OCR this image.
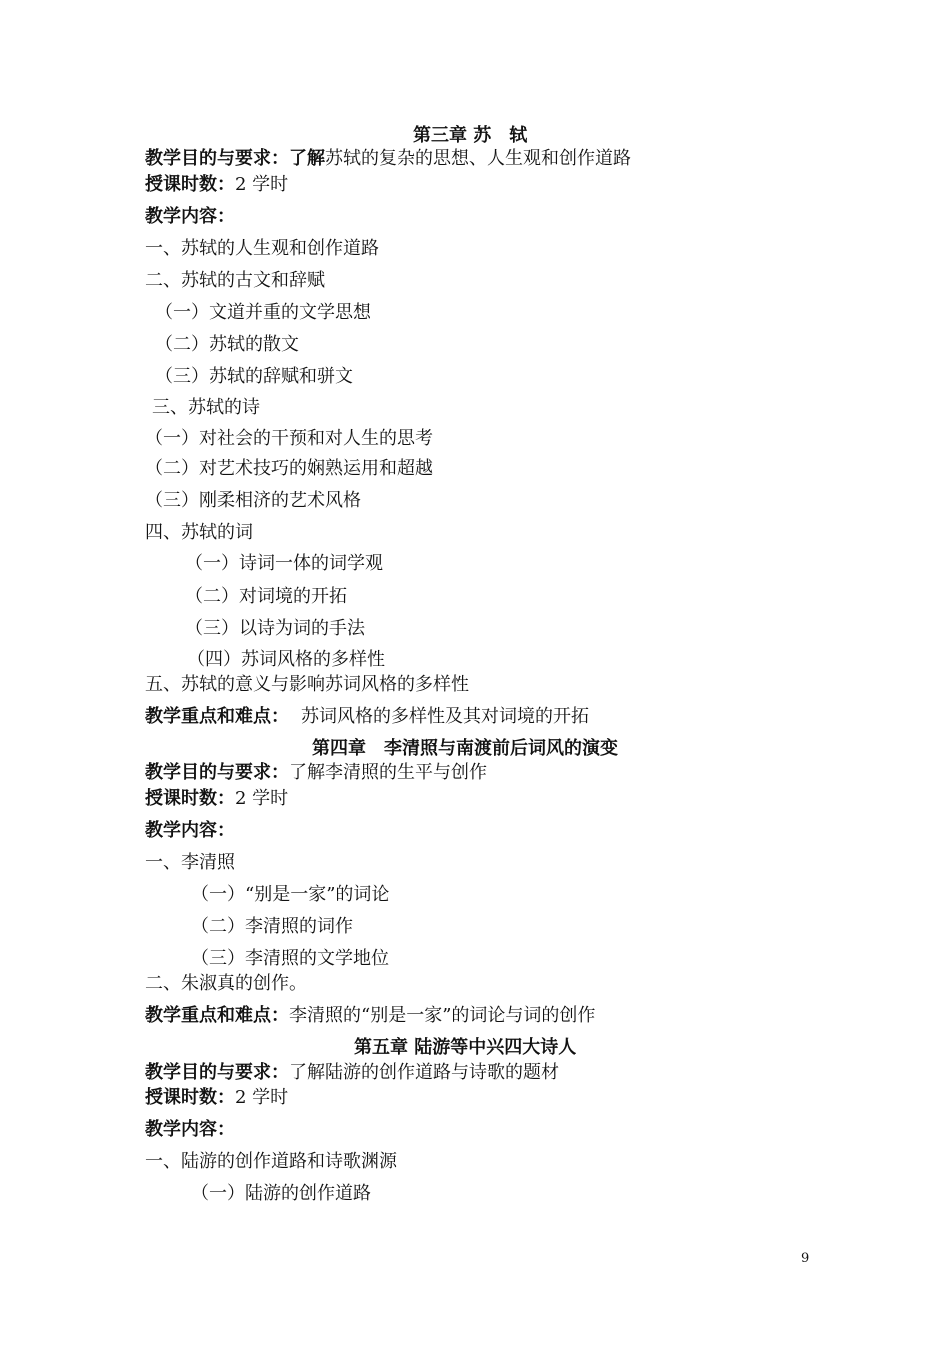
第三章 苏　轼
教学目的与要求：了解苏轼的复杂的思想、人生观和创作道路
授课时数：2 学时
教学内容：
一、苏轼的人生观和创作道路
二、苏轼的古文和辞赋
（一）文道并重的文学思想
（二）苏轼的散文
（三）苏轼的辞赋和骈文
三、苏轼的诗
（一）对社会的干预和对人生的思考
（二）对艺术技巧的娴熟运用和超越
（三）刚柔相济的艺术风格
四、苏轼的词
（一）诗词一体的词学观
（二）对词境的开拓
（三）以诗为词的手法
（四）苏词风格的多样性
五、苏轼的意义与影响苏词风格的多样性
教学重点和难点： 苏词风格的多样性及其对词境的开拓
第四章　李清照与南渡前后词风的演变
教学目的与要求：了解李清照的生平与创作
授课时数：2 学时
教学内容：
一、李清照
（一）“别是一家”的词论
（二）李清照的词作
（三）李清照的文学地位
二、朱淑真的创作。
教学重点和难点：李清照的“别是一家”的词论与词的创作
第五章 陆游等中兴四大诗人
教学目的与要求：了解陆游的创作道路与诗歌的题材
授课时数：2 学时
教学内容：
一、陆游的创作道路和诗歌渊源
（一）陆游的创作道路
9
